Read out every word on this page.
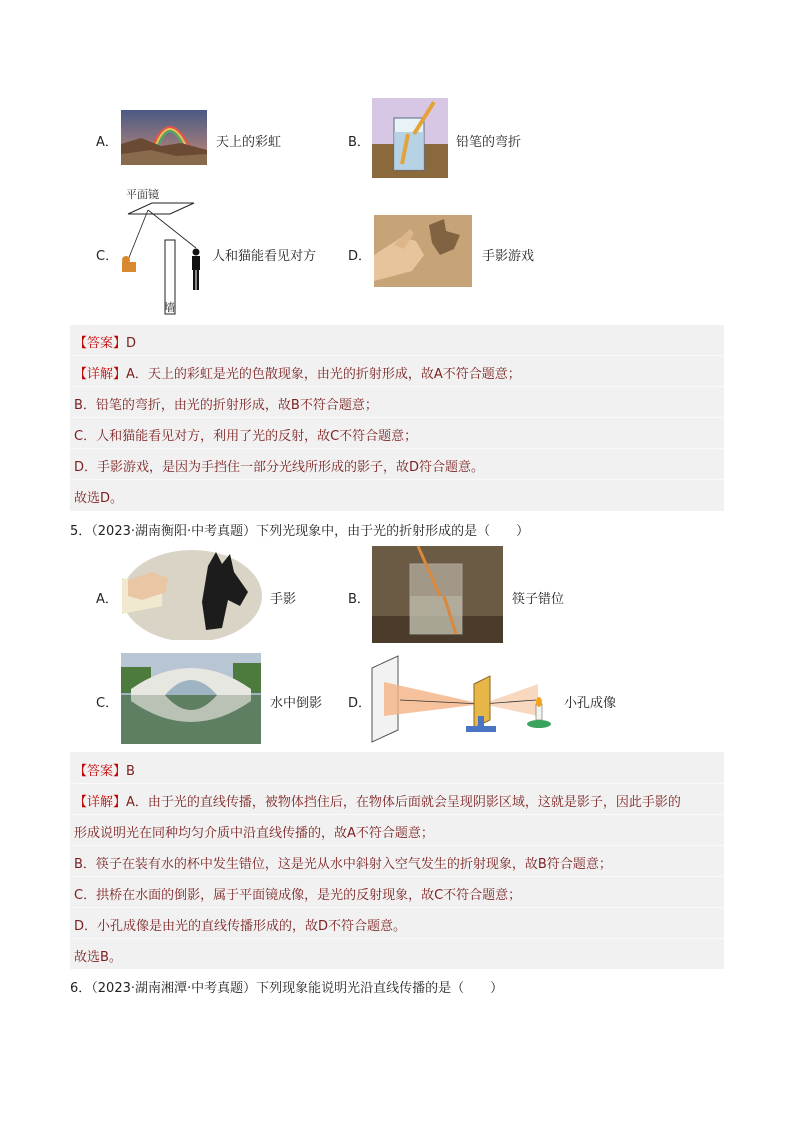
A．	天上的彩虹	B．	铅笔的弯折
C．
平面镜
墙
人和猫能看见对方 D．	手影游戏
【答案】D
【详解】A．天上的彩虹是光的色散现象，由光的折射形成，故A不符合题意；
B．铅笔的弯折，由光的折射形成，故B不符合题意；
C．人和猫能看见对方，利用了光的反射，故C不符合题意；
D．手影游戏，是因为手挡住一部分光线所形成的影子，故D符合题意。
故选D。
5．（2023·湖南衡阳·中考真题）下列光现象中，由于光的折射形成的是（　　）
A．	手影	B．	筷子错位
C．	水中倒影 D．	小孔成像
【答案】B
【详解】A．由于光的直线传播，被物体挡住后，在物体后面就会呈现阴影区域，这就是影子，因此手影的
形成说明光在同种均匀介质中沿直线传播的，故A不符合题意；
B．筷子在装有水的杯中发生错位，这是光从水中斜射入空气发生的折射现象，故B符合题意；
C．拱桥在水面的倒影，属于平面镜成像，是光的反射现象，故C不符合题意；
D．小孔成像是由光的直线传播形成的，故D不符合题意。
故选B。
6．（2023·湖南湘潭·中考真题）下列现象能说明光沿直线传播的是（　　）
